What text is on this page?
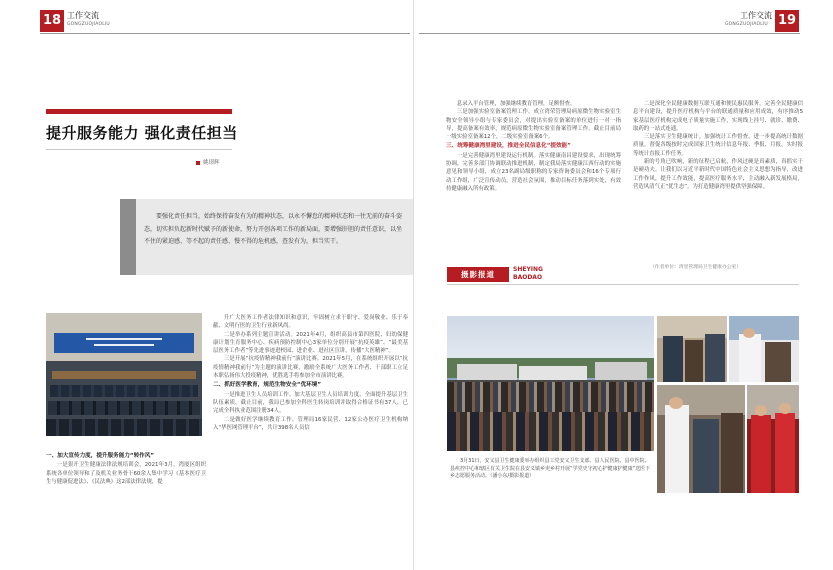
18 工作交流
GONGZUOJIAOLIU
提升服务能力 强化责任担当
姚璟辉
要强化责任担当，始终保持奋发有为的精神状态，以永不懈怠的精神状态和一往无前的奋斗姿态，切实担负起新时代赋予的新使命，努力开创各项工作的新局面，要增强肝胆的责任意识，以坐不住的紧迫感、等不起的责任感、慢不得的危机感，查发有为，担当实干。

升广大医务工作者法律知识和意识，牢固树立求于职守、爱岗敬业、乐于奉献、文明行医的卫生行业新风尚。

二是举办系列主题宣讲活动。2021年4月，组织高县市第四医院、妇幼保健康计划生育服务中心、疾病预防控制中心3家单位分别开展“抗疫英雄”、“最美基层医务工作者”等先进事迹进校园、进企业、进社区宣讲，传播“大医精神”。

三是开展“抗疫情精神我前行”演讲比赛。2021年5月，在系统组织开展以“抗疫情精神我前行”为主题的演讲比赛，激励全系统广大医务工作者、干部职工立足本职弘扬伟大投疫精神，优胜选手将参加全市演讲比赛。

二、抓好医学教育，规范生物安全“优环境”

一是推进卫生人员培训工作。加大基层卫生人员培训力度，全面提升基层卫生队伍素质，截止目前，我局已参加全科医生转岗培训并取得合格证书有37人，已完成全科执业范围注册34人。

二是做好医学继续教育工作。管理局16家民营、12家公办医疗卫生机构纳入“华医网管理平台”，共计398名人员信

一、加大宣传力度，提升服务能力“转作风”

一是狠开卫生健康法律法规培训会。2021年3月，湾厦区组织系统各单位领导和了及机关业务骨干60余人集中学习《基本医疗卫生与健康促进法》、《民法典》这2部法律法规，提

工作交流
GONGZUOJIAOLIU 19

息录入平台管理，加强继续教育管理，足额督查。

三是加强实验室备案管理工作。成立湾荣管理局病原微生物实验室生物安全领导小组与专家委员会，对提出实验室备案的单位进行一对一指导，提高备案有效率，规范病原微生物实验室备案管理工作。截止目前局一级实验室备案12个，二级实验室备案6个。

三、统筹健康湾里建设，推进全民信息化“提效能”

一是完善健康湾里建设运行机制。落实健康南昌建设要求，出现统筹协调，完善多部门协调联动推进机制，制定我局落实健康江西行动的实施意见和领导小组，成立23名副局级职称的专家咨询委员会和16个专项行动工作组，广泛宣传动员，营造社会氛围，推动目标任务落到实处，有效持健康融入所有政策。

二是深化全民健康数据互联互通和便民惠民服务。完善全民健康信息平台建设，提升医疗机构与平台的联通质量和应用成效，有序推动5家基层医疗机构完成电子质量实施工作，实现线上挂号、就诊、缴费、取药的一站式连通。

三是落实卫生健康统计。加强统计工作督查，进一步提高统计数据质量，督促各级按时完成国家卫生统计信息年报、季报、月报，实时报等统计直报工作任务。

新的号角已吹响，新的征程已启航，作风过硬是真素质，真抓实干是硬功夫。让我们以习近平新时代中国特色社会主义思想为指导，改进工作作风，提升工作效能，提高医疗服务水平，主动融入新发展格局，营造风清气正“优生态”，为打造健康湾里提供坚强保障。

（作者单位：湾里管理局卫生健康办公室）
摄影报道
SHEYING
BAODAO
3月31日，安义县卫生健康委举办组织县工党安义卫生支部、县人民医院、县中医院、县疾控中心和辖区有关卫生院在县安义镇乡吏乡村开展“学党史守初心护健康护健康”送医下乡志愿服务活动。（潘小东/摄影报道）
